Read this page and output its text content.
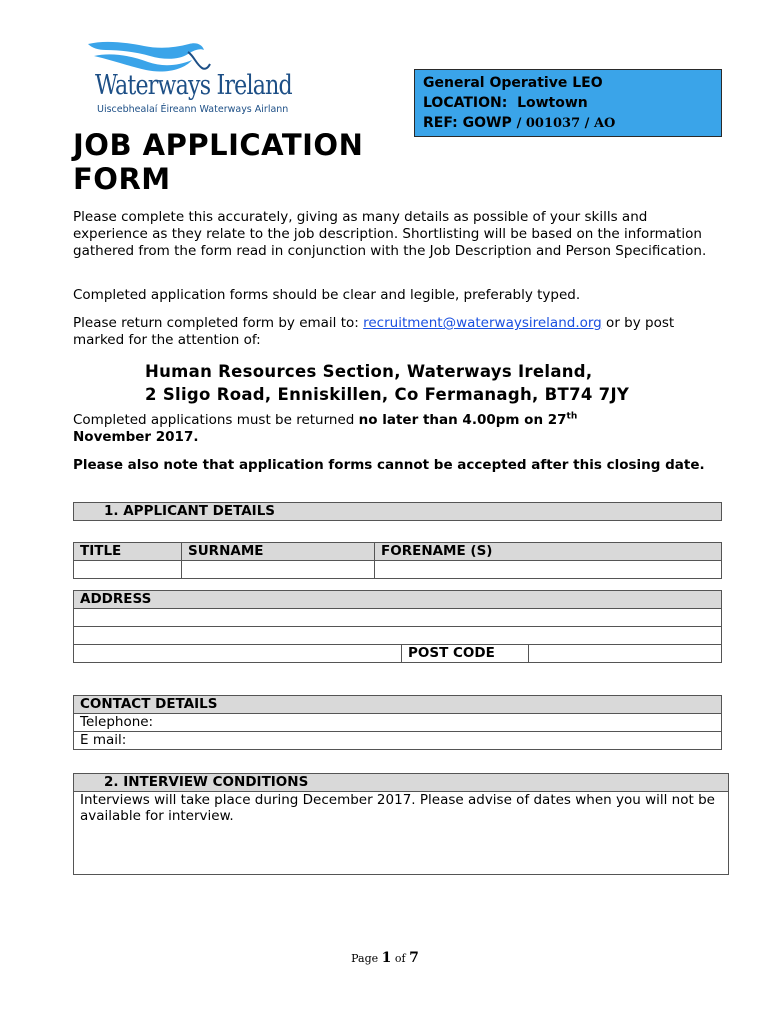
Waterways Ireland
Uiscebhealaí Éireann Waterways Airlann
General Operative LEO
LOCATION: Lowtown
REF: GOWP / 001037 / AO
JOB APPLICATION
FORM
Please complete this accurately, giving as many details as possible of your skills and experience as they relate to the job description. Shortlisting will be based on the information gathered from the form read in conjunction with the Job Description and Person Specification.
Completed application forms should be clear and legible, preferably typed.
Please return completed form by email to: recruitment@waterwaysireland.org or by post marked for the attention of:
Human Resources Section, Waterways Ireland,
2 Sligo Road, Enniskillen, Co Fermanagh, BT74 7JY
Completed applications must be returned no later than 4.00pm on 27th
November 2017.
Please also note that application forms cannot be accepted after this closing date.
1. APPLICANT DETAILS
TITLE	SURNAME	FORENAME (S)

ADDRESS

	POST CODE	
CONTACT DETAILS
Telephone:
E mail:
2. INTERVIEW CONDITIONS
Interviews will take place during December 2017. Please advise of dates when you will not be available for interview.
Page 1 of 7
